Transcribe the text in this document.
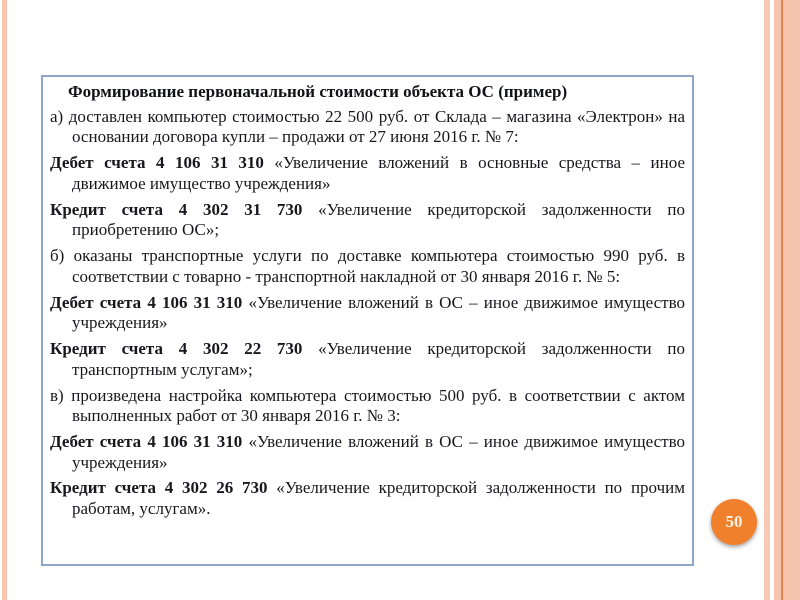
Формирование первоначальной стоимости объекта ОС (пример)

а) доставлен компьютер стоимостью 22 500 руб. от Склада – магазина «Электрон» на основании договора купли – продажи от 27 июня 2016 г. № 7:

Дебет счета 4 106 31 310 «Увеличение вложений в основные средства – иное движимое имущество учреждения»

Кредит счета 4 302 31 730 «Увеличение кредиторской задолженности по приобретению ОС»;

б) оказаны транспортные услуги по доставке компьютера стоимостью 990 руб. в соответствии с товарно - транспортной накладной от 30 января 2016 г. № 5:

Дебет счета 4 106 31 310 «Увеличение вложений в ОС – иное движимое имущество учреждения»

Кредит счета 4 302 22 730 «Увеличение кредиторской задолженности по транспортным услугам»;

в) произведена настройка компьютера стоимостью 500 руб. в соответствии с актом выполненных работ от 30 января 2016 г. № 3:

Дебет счета 4 106 31 310 «Увеличение вложений в ОС – иное движимое имущество учреждения»

Кредит счета 4 302 26 730 «Увеличение кредиторской задолженности по прочим работам, услугам».

50
